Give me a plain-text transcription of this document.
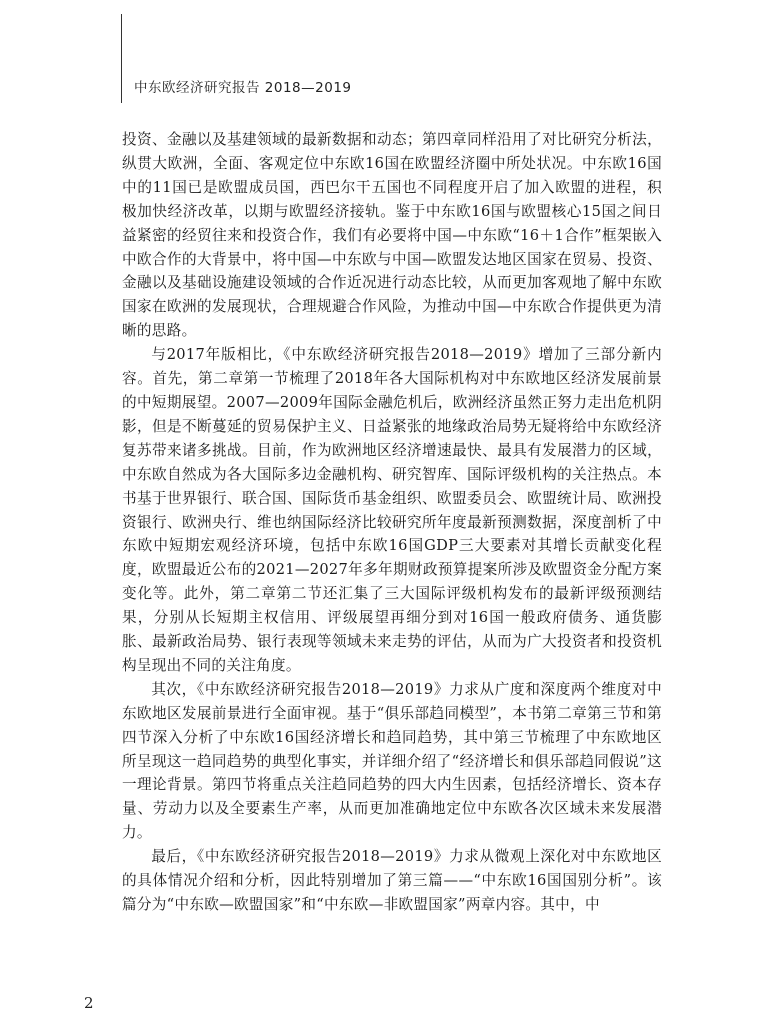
中东欧经济研究报告 2018—2019

投资、金融以及基建领域的最新数据和动态；第四章同样沿用了对比研究分析法，纵贯大欧洲，全面、客观定位中东欧16国在欧盟经济圈中所处状况。中东欧16国中的11国已是欧盟成员国，西巴尔干五国也不同程度开启了加入欧盟的进程，积极加快经济改革，以期与欧盟经济接轨。鉴于中东欧16国与欧盟核心15国之间日益紧密的经贸往来和投资合作，我们有必要将中国—中东欧“16＋1合作”框架嵌入中欧合作的大背景中，将中国—中东欧与中国—欧盟发达地区国家在贸易、投资、金融以及基础设施建设领域的合作近况进行动态比较，从而更加客观地了解中东欧国家在欧洲的发展现状，合理规避合作风险，为推动中国—中东欧合作提供更为清晰的思路。

与2017年版相比，《中东欧经济研究报告2018—2019》增加了三部分新内容。首先，第二章第一节梳理了2018年各大国际机构对中东欧地区经济发展前景的中短期展望。2007—2009年国际金融危机后，欧洲经济虽然正努力走出危机阴影，但是不断蔓延的贸易保护主义、日益紧张的地缘政治局势无疑将给中东欧经济复苏带来诸多挑战。目前，作为欧洲地区经济增速最快、最具有发展潜力的区域，中东欧自然成为各大国际多边金融机构、研究智库、国际评级机构的关注热点。本书基于世界银行、联合国、国际货币基金组织、欧盟委员会、欧盟统计局、欧洲投资银行、欧洲央行、维也纳国际经济比较研究所年度最新预测数据，深度剖析了中东欧中短期宏观经济环境，包括中东欧16国GDP三大要素对其增长贡献变化程度，欧盟最近公布的2021—2027年多年期财政预算提案所涉及欧盟资金分配方案变化等。此外，第二章第二节还汇集了三大国际评级机构发布的最新评级预测结果，分别从长短期主权信用、评级展望再细分到对16国一般政府债务、通货膨胀、最新政治局势、银行表现等领域未来走势的评估，从而为广大投资者和投资机构呈现出不同的关注角度。

其次，《中东欧经济研究报告2018—2019》力求从广度和深度两个维度对中东欧地区发展前景进行全面审视。基于“俱乐部趋同模型”，本书第二章第三节和第四节深入分析了中东欧16国经济增长和趋同趋势，其中第三节梳理了中东欧地区所呈现这一趋同趋势的典型化事实，并详细介绍了“经济增长和俱乐部趋同假说”这一理论背景。第四节将重点关注趋同趋势的四大内生因素，包括经济增长、资本存量、劳动力以及全要素生产率，从而更加准确地定位中东欧各次区域未来发展潜力。

最后，《中东欧经济研究报告2018—2019》力求从微观上深化对中东欧地区的具体情况介绍和分析，因此特别增加了第三篇——“中东欧16国国别分析”。该篇分为“中东欧—欧盟国家”和“中东欧—非欧盟国家”两章内容。其中，中

2
